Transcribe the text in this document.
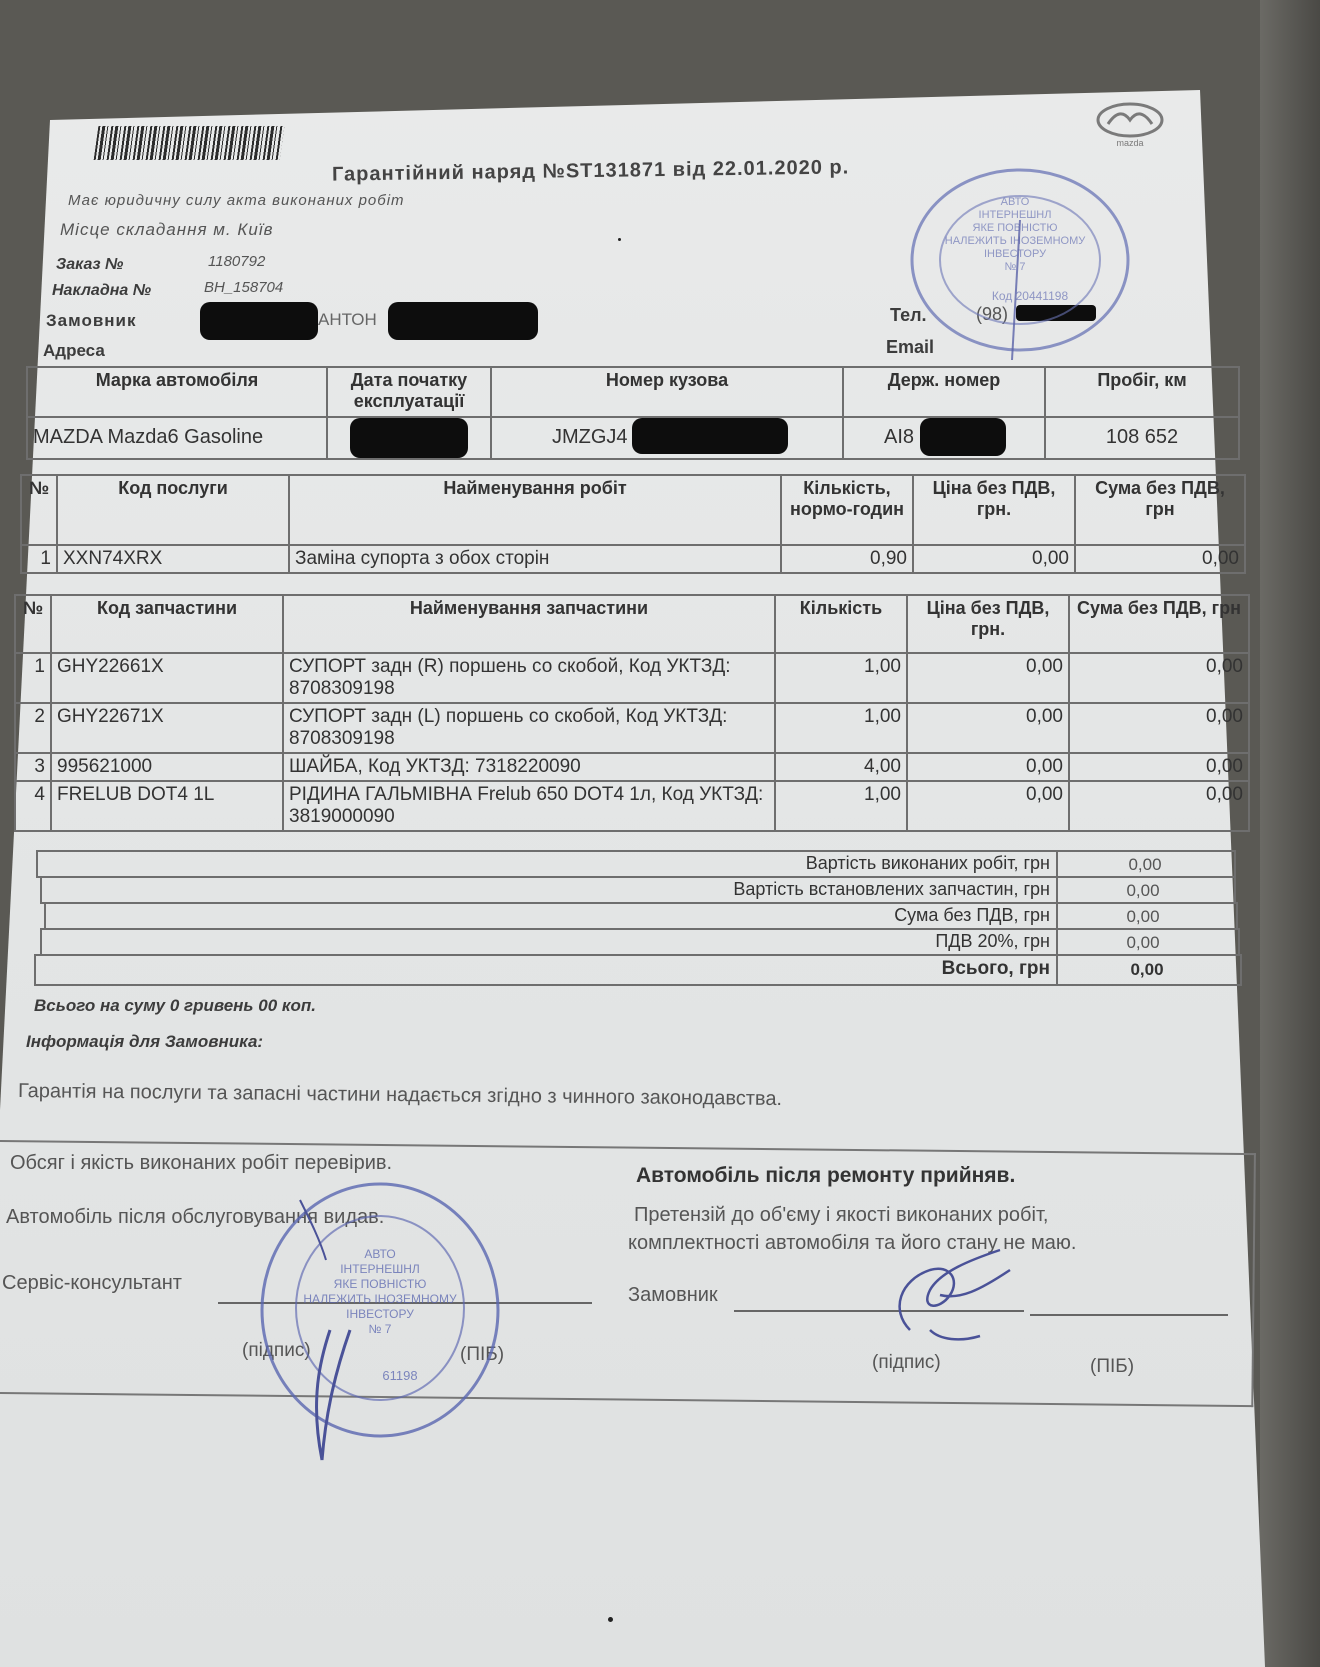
mazda
Гарантійний наряд №ST131871 від 22.01.2020 р.
Має юридичну силу акта виконаних робіт
Місце складання м. Київ
Заказ №	1180792
Накладна №	ВН_158704
Замовник	АНТОН
Адреса
Тел.	(98)
Email
АВТО
ІНТЕРНЕШНЛ
ЯКЕ ПОВНІСТЮ
НАЛЕЖИТЬ ІНОЗЕМНОМУ
ІНВЕСТОРУ
№ 7
Код 20441198
Марка автомобіля	Дата початку експлуатації	Номер кузова	Держ. номер	Пробіг, км
MAZDA Mazda6 Gasoline		JMZGJ4	AI8	108 652
№	Код послуги	Найменування робіт	Кількість, нормо-годин	Ціна без ПДВ, грн.	Сума без ПДВ, грн
1	XXN74XRX	Заміна супорта з обох сторін	0,90	0,00	0,00
№	Код запчастини	Найменування запчастини	Кількість	Ціна без ПДВ, грн.	Сума без ПДВ, грн
1	GHY22661X	СУПОРТ задн (R) поршень со скобой, Код УКТЗД: 8708309198	1,00	0,00	0,00
2	GHY22671X	СУПОРТ задн (L) поршень со скобой, Код УКТЗД: 8708309198	1,00	0,00	0,00
3	995621000	ШАЙБА, Код УКТЗД: 7318220090	4,00	0,00	0,00
4	FRELUB DOT4 1L	РІДИНА ГАЛЬМІВНА Frelub 650 DOT4 1л, Код УКТЗД: 3819000090	1,00	0,00	0,00
Вартість виконаних робіт, грн	0,00
Вартість встановлених запчастин, грн	0,00
Сума без ПДВ, грн	0,00
ПДВ 20%, грн	0,00
Всього, грн	0,00
Всього на суму 0 гривень 00 коп.
Інформація для Замовника:
Гарантія на послуги та запасні частини надається згідно з чинного законодавства.
Обсяг і якість виконаних робіт перевірив.
Автомобіль після обслуговування видав.
Сервіс-консультант
(підпис)	(ПІБ)
Автомобіль після ремонту прийняв.
Претензій до об'єму і якості виконаних робіт,
комплектності автомобіля та його стану не маю.
Замовник
(підпис)	(ПІБ)
АВТО
ІНТЕРНЕШНЛ
ЯКЕ ПОВНІСТЮ
НАЛЕЖИТЬ ІНОЗЕМНОМУ
ІНВЕСТОРУ
№ 7
61198
